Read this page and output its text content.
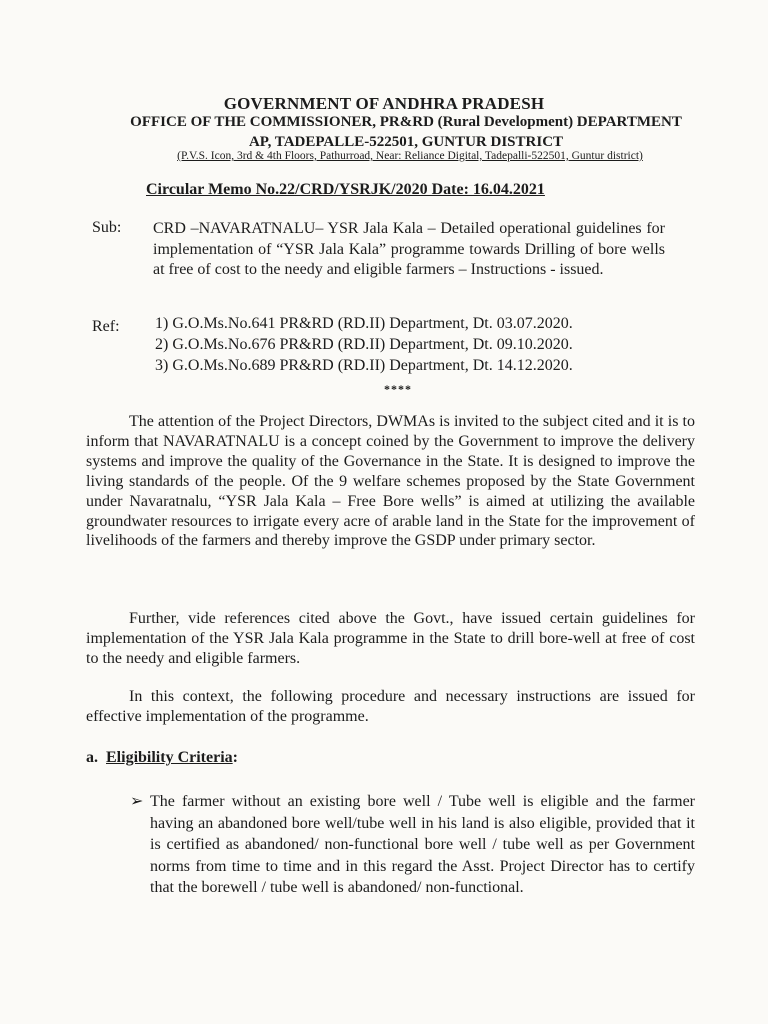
GOVERNMENT OF ANDHRA PRADESH
OFFICE OF THE COMMISSIONER, PR&RD (Rural Development) DEPARTMENT
AP, TADEPALLE-522501, GUNTUR DISTRICT
(P.V.S. Icon, 3rd & 4th Floors, Pathurroad, Near: Reliance Digital, Tadepalli-522501, Guntur district)
Circular Memo No.22/CRD/YSRJK/2020 Date: 16.04.2021
Sub: CRD –NAVARATNALU– YSR Jala Kala – Detailed operational guidelines for implementation of “YSR Jala Kala” programme towards Drilling of bore wells at free of cost to the needy and eligible farmers – Instructions - issued.
Ref: 1) G.O.Ms.No.641 PR&RD (RD.II) Department, Dt. 03.07.2020.
2) G.O.Ms.No.676 PR&RD (RD.II) Department, Dt. 09.10.2020.
3) G.O.Ms.No.689 PR&RD (RD.II) Department, Dt. 14.12.2020.
****

The attention of the Project Directors, DWMAs is invited to the subject cited and it is to inform that NAVARATNALU is a concept coined by the Government to improve the delivery systems and improve the quality of the Governance in the State. It is designed to improve the living standards of the people. Of the 9 welfare schemes proposed by the State Government under Navaratnalu, “YSR Jala Kala – Free Bore wells” is aimed at utilizing the available groundwater resources to irrigate every acre of arable land in the State for the improvement of livelihoods of the farmers and thereby improve the GSDP under primary sector.

Further, vide references cited above the Govt., have issued certain guidelines for implementation of the YSR Jala Kala programme in the State to drill bore-well at free of cost to the needy and eligible farmers.

In this context, the following procedure and necessary instructions are issued for effective implementation of the programme.

a. Eligibility Criteria:
➢ The farmer without an existing bore well / Tube well is eligible and the farmer having an abandoned bore well/tube well in his land is also eligible, provided that it is certified as abandoned/ non-functional bore well / tube well as per Government norms from time to time and in this regard the Asst. Project Director has to certify that the borewell / tube well is abandoned/ non-functional.
